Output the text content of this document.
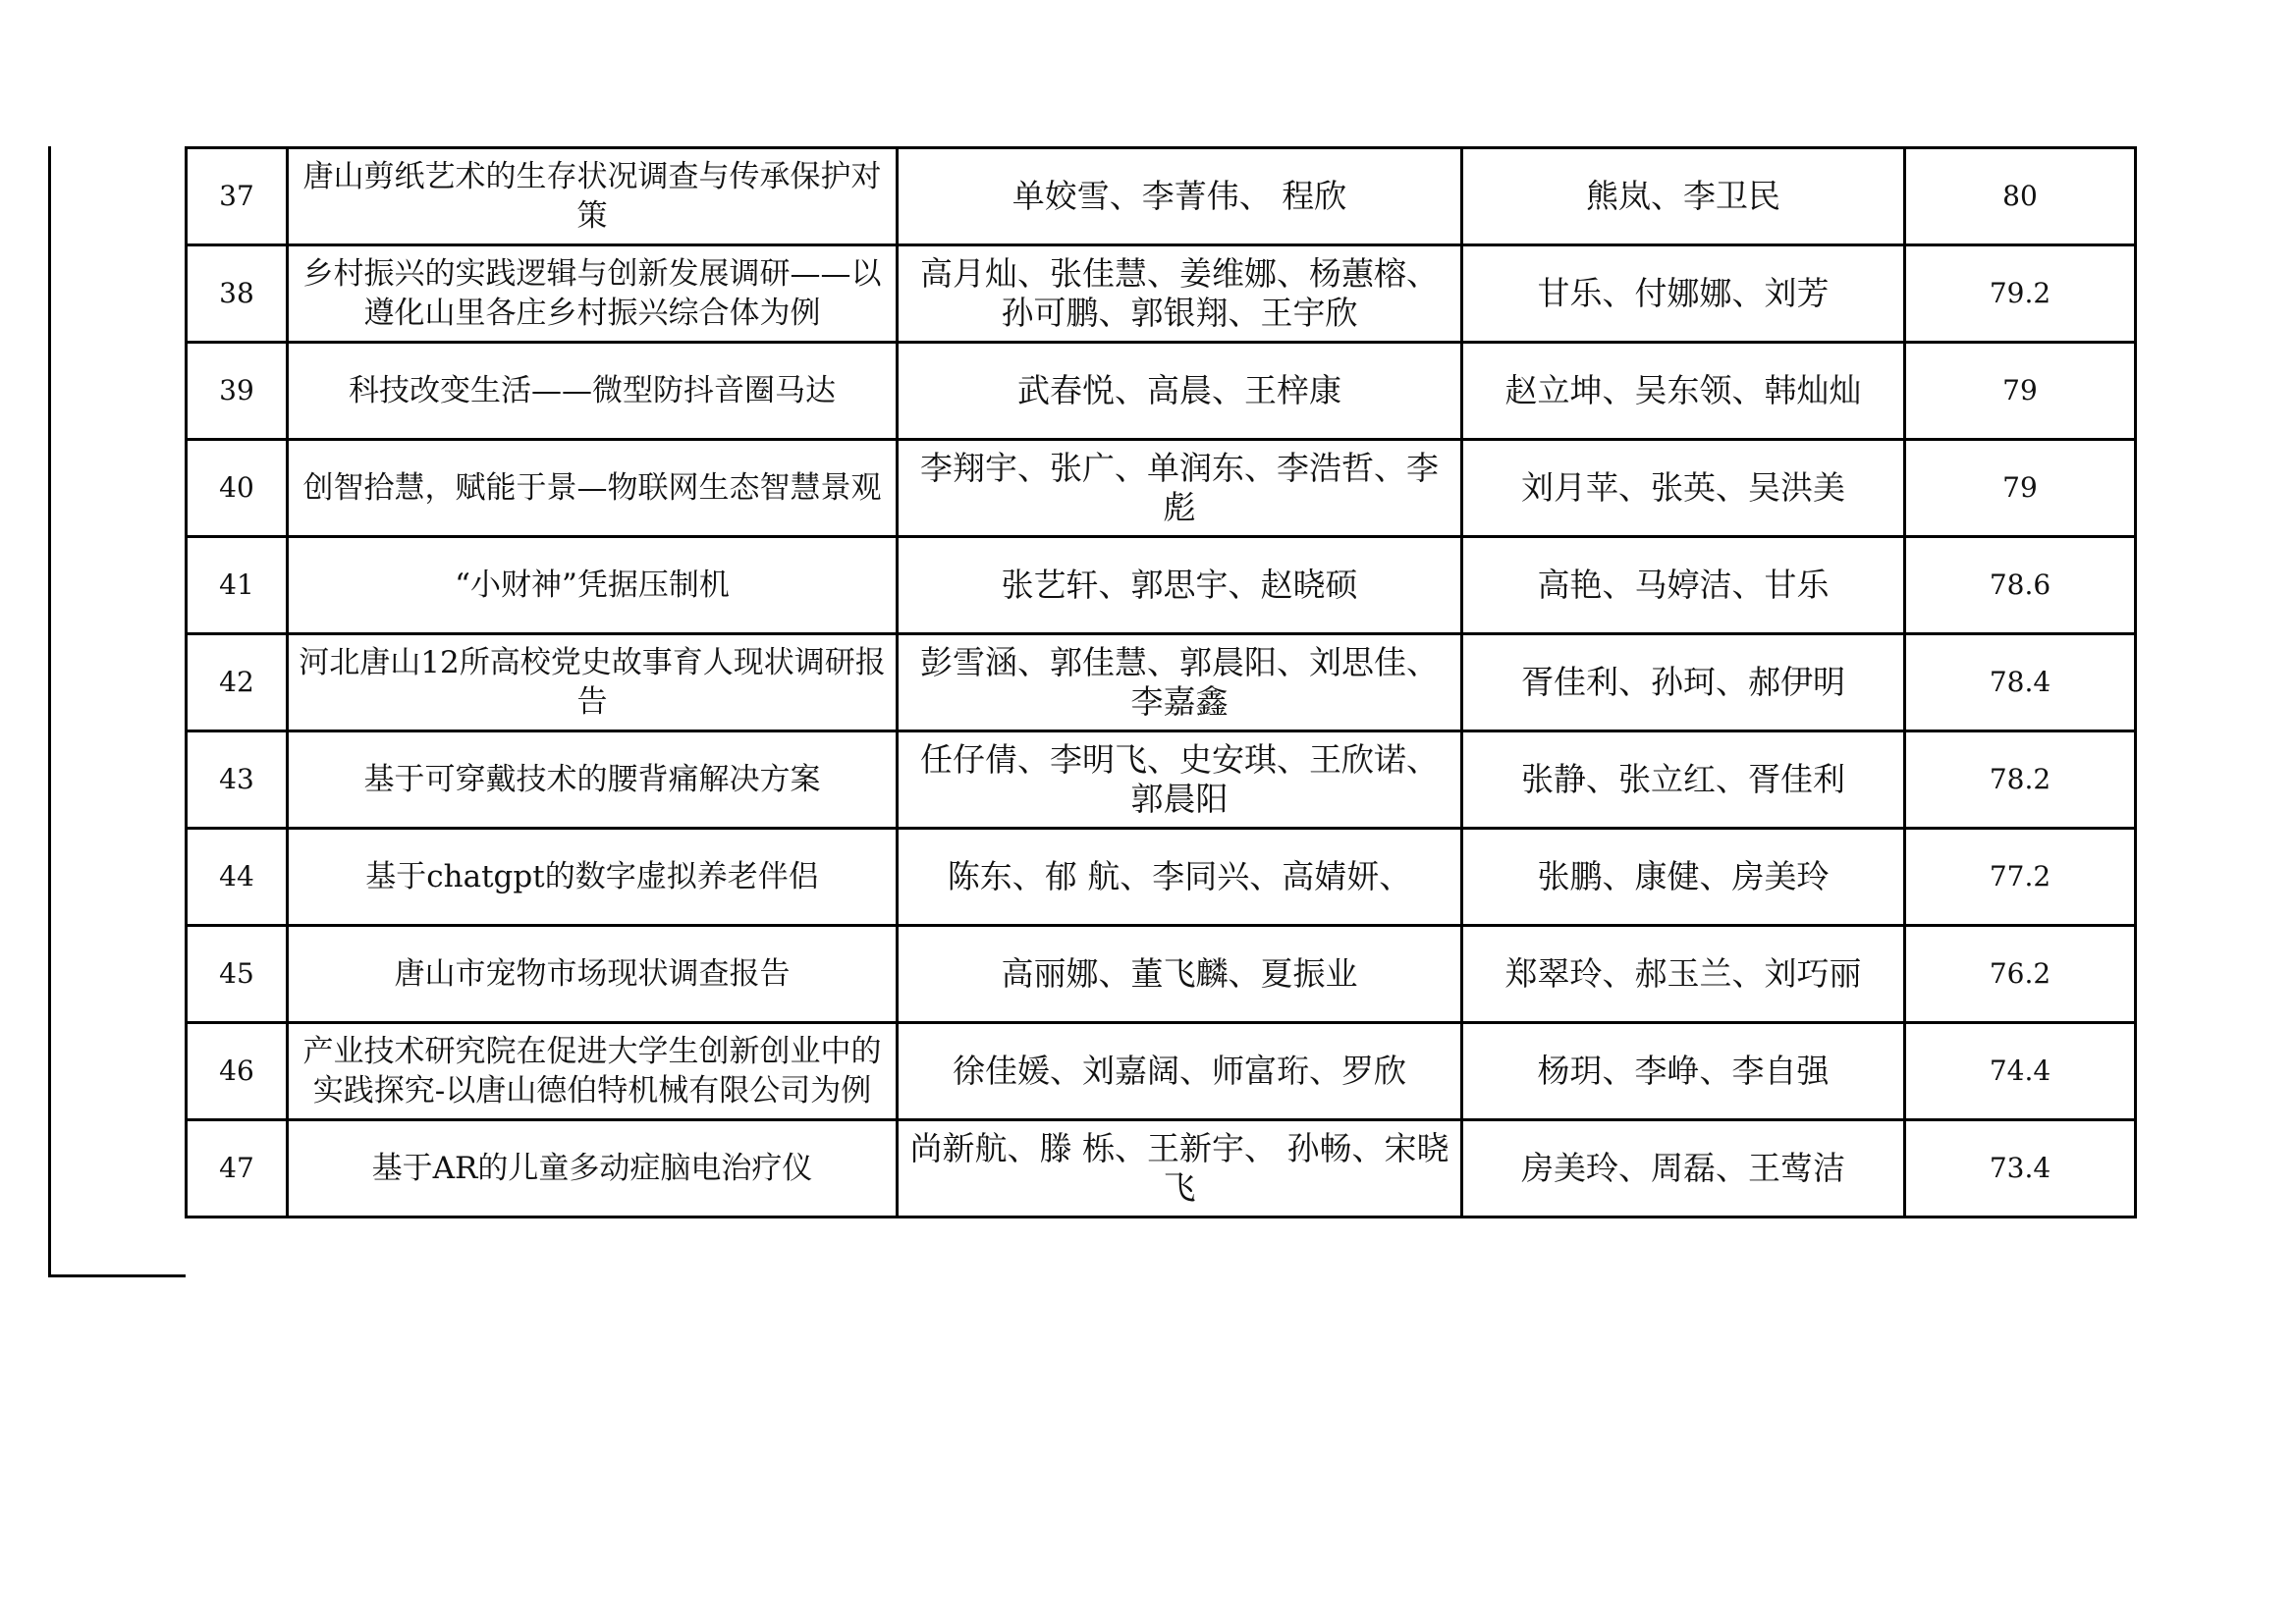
37	唐山剪纸艺术的生存状况调查与传承保护对策	单姣雪、李菁伟、 程欣	熊岚、李卫民	80
38	乡村振兴的实践逻辑与创新发展调研——以遵化山里各庄乡村振兴综合体为例	高月灿、张佳慧、姜维娜、杨蕙榕、孙可鹏、郭银翔、王宇欣	甘乐、付娜娜、刘芳	79.2
39	科技改变生活——微型防抖音圈马达	武春悦、高晨、王梓康	赵立坤、吴东领、韩灿灿	79
40	创智拾慧，赋能于景—物联网生态智慧景观	李翔宇、张广、单润东、李浩哲、李彪	刘月苹、张英、吴洪美	79
41	“小财神”凭据压制机	张艺轩、郭思宇、赵晓硕	高艳、马婷洁、甘乐	78.6
42	河北唐山12所高校党史故事育人现状调研报告	彭雪涵、郭佳慧、郭晨阳、刘思佳、李嘉鑫	胥佳利、孙珂、郝伊明	78.4
43	基于可穿戴技术的腰背痛解决方案	任仔倩、李明飞、史安琪、王欣诺、郭晨阳	张静、张立红、胥佳利	78.2
44	基于chatgpt的数字虚拟养老伴侣	陈东、郁 航、李同兴、高婧妍、	张鹏、康健、房美玲	77.2
45	唐山市宠物市场现状调查报告	高丽娜、董飞麟、夏振业	郑翠玲、郝玉兰、刘巧丽	76.2
46	产业技术研究院在促进大学生创新创业中的实践探究-以唐山德伯特机械有限公司为例	徐佳媛、刘嘉阔、师富珩、罗欣	杨玥、李峥、李自强	74.4
47	基于AR的儿童多动症脑电治疗仪	尚新航、滕 栎、王新宇、 孙畅、宋晓飞	房美玲、周磊、王莺洁	73.4
